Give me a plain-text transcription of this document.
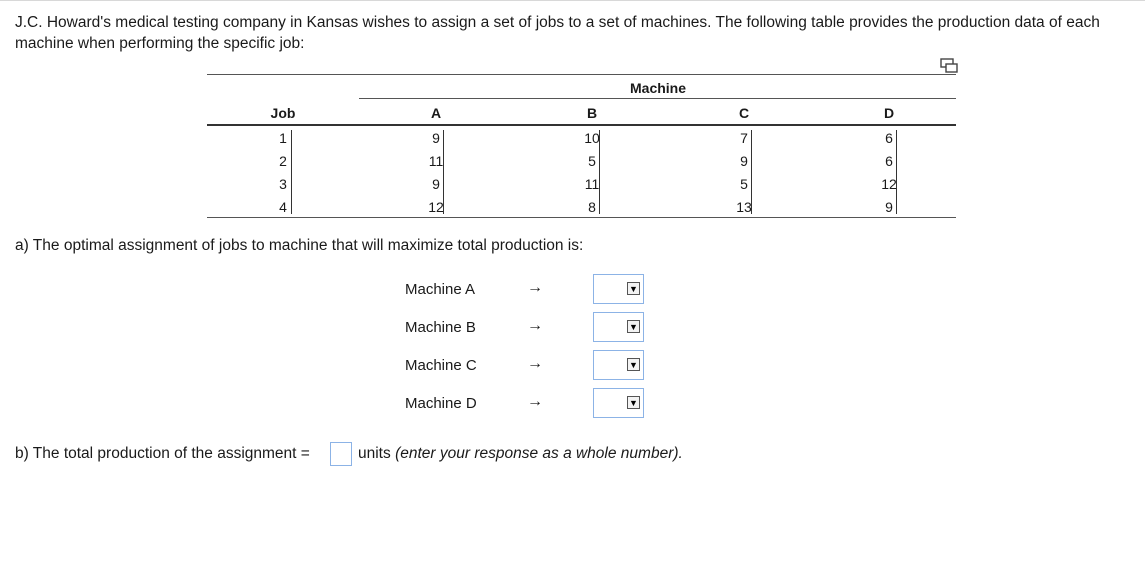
J.C. Howard's medical testing company in Kansas wishes to assign a set of jobs to a set of machines. The following table provides the production data of each machine when performing the specific job:
Machine
Job	A	B	C	D
1	9	10	7	6
2	11	5	9	6
3	9	11	5	12
4	12	8	13	9
a) The optimal assignment of jobs to machine that will maximize total production is:
Machine A	→	▼
Machine B	→	▼
Machine C	→	▼
Machine D	→	▼
b) The total production of the assignment =	units (enter your response as a whole number).
